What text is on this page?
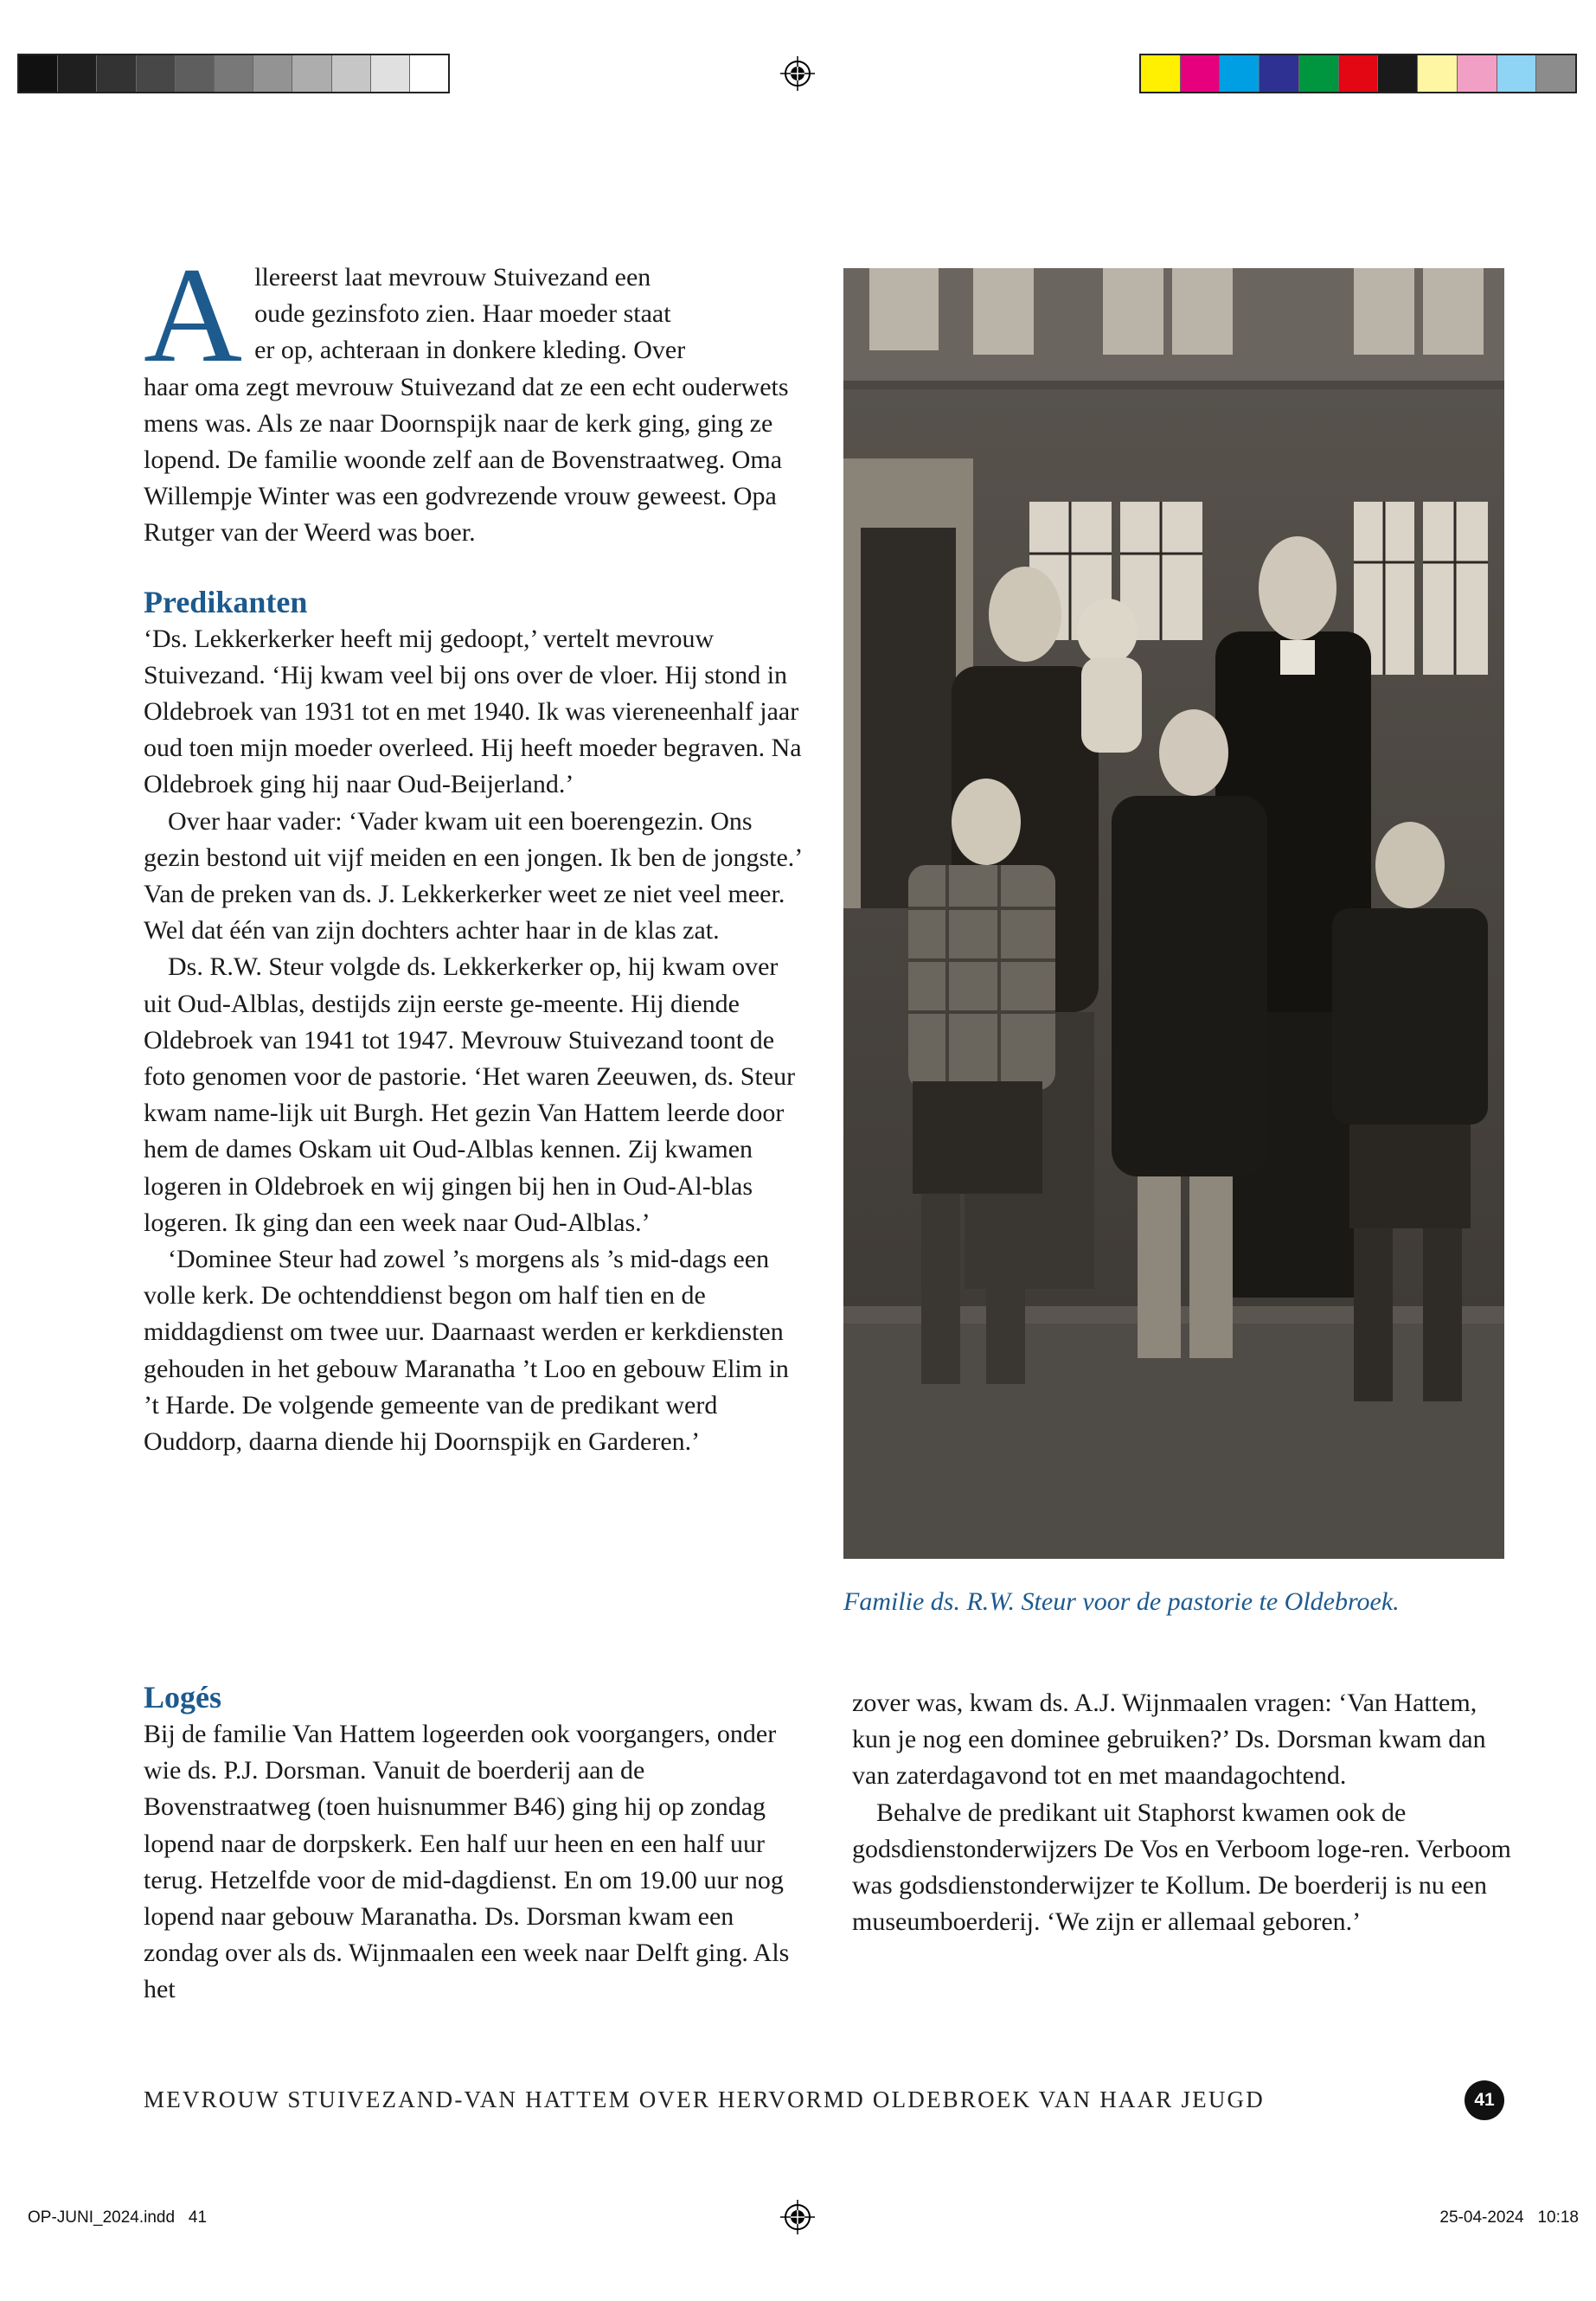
A llereerst laat mevrouw Stuivezand een
oude gezinsfoto zien. Haar moeder staat
er op, achteraan in donkere kleding. Over

haar oma zegt mevrouw Stuivezand dat ze een echt ouderwets mens was. Als ze naar Doornspijk naar de kerk ging, ging ze lopend. De familie woonde zelf aan de Bovenstraatweg. Oma Willempje Winter was een godvrezende vrouw geweest. Opa Rutger van der Weerd was boer.

Predikanten

‘Ds. Lekkerkerker heeft mij gedoopt,’ vertelt mevrouw Stuivezand. ‘Hij kwam veel bij ons over de vloer. Hij stond in Oldebroek van 1931 tot en met 1940. Ik was viereneenhalf jaar oud toen mijn moeder overleed. Hij heeft moeder begraven. Na Oldebroek ging hij naar Oud-Beijerland.’

Over haar vader: ‘Vader kwam uit een boerengezin. Ons gezin bestond uit vijf meiden en een jongen. Ik ben de jongste.’ Van de preken van ds. J. Lekkerkerker weet ze niet veel meer. Wel dat één van zijn dochters achter haar in de klas zat.

Ds. R.W. Steur volgde ds. Lekkerkerker op, hij kwam over uit Oud-Alblas, destijds zijn eerste ge-meente. Hij diende Oldebroek van 1941 tot 1947. Mevrouw Stuivezand toont de foto genomen voor de pastorie. ‘Het waren Zeeuwen, ds. Steur kwam name-lijk uit Burgh. Het gezin Van Hattem leerde door hem de dames Oskam uit Oud-Alblas kennen. Zij kwamen logeren in Oldebroek en wij gingen bij hen in Oud-Al-blas logeren. Ik ging dan een week naar Oud-Alblas.’

‘Dominee Steur had zowel ’s morgens als ’s mid-dags een volle kerk. De ochtenddienst begon om half tien en de middagdienst om twee uur. Daarnaast werden er kerkdiensten gehouden in het gebouw Maranatha ’t Loo en gebouw Elim in ’t Harde. De volgende gemeente van de predikant werd Ouddorp, daarna diende hij Doornspijk en Garderen.’

Familie ds. R.W. Steur voor de pastorie te Oldebroek.
Logés

Bij de familie Van Hattem logeerden ook voorgangers, onder wie ds. P.J. Dorsman. Vanuit de boerderij aan de Bovenstraatweg (toen huisnummer B46) ging hij op zondag lopend naar de dorpskerk. Een half uur heen en een half uur terug. Hetzelfde voor de mid-dagdienst. En om 19.00 uur nog lopend naar gebouw Maranatha. Ds. Dorsman kwam een zondag over als ds. Wijnmaalen een week naar Delft ging. Als het

zover was, kwam ds. A.J. Wijnmaalen vragen: ‘Van Hattem, kun je nog een dominee gebruiken?’ Ds. Dorsman kwam dan van zaterdagavond tot en met maandagochtend.

Behalve de predikant uit Staphorst kwamen ook de godsdienstonderwijzers De Vos en Verboom loge-ren. Verboom was godsdienstonderwijzer te Kollum. De boerderij is nu een museumboerderij. ‘We zijn er allemaal geboren.’

MEVROUW STUIVEZAND-VAN HATTEM OVER HERVORMD OLDEBROEK VAN HAAR JEUGD	41
OP-JUNI_2024.indd   41	25-04-2024   10:18
